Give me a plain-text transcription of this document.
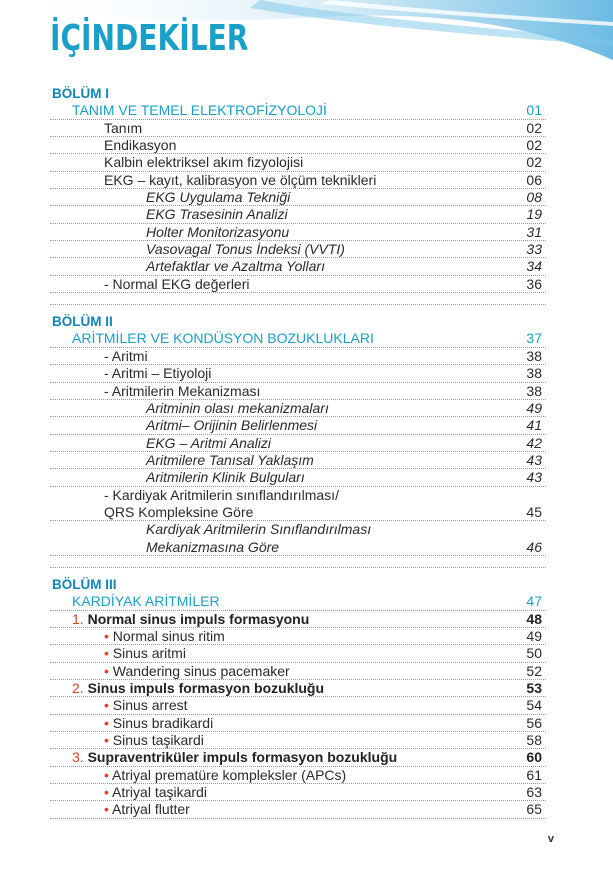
İÇİNDEKİLER
BÖLÜM I
TANIM VE TEMEL ELEKTROFİZYOLOJİ	01
Tanım	02
Endikasyon	02
Kalbin elektriksel akım fizyolojisi	02
EKG – kayıt, kalibrasyon ve ölçüm teknikleri	06
EKG Uygulama Tekniği	08
EKG Trasesinin Analizi	19
Holter Monitorizasyonu	31
Vasovagal Tonus İndeksi (VVTI)	33
Artefaktlar ve Azaltma Yolları	34
- Normal EKG değerleri	36
BÖLÜM II
ARİTMİLER VE KONDÜSYON BOZUKLUKLARI	37
- Aritmi	38
- Aritmi – Etiyoloji	38
- Aritmilerin Mekanizması	38
Aritminin olası mekanizmaları	49
Aritmi– Orijinin Belirlenmesi	41
EKG – Aritmi Analizi	42
Aritmilere Tanısal Yaklaşım	43
Aritmilerin Klinik Bulguları	43
- Kardiyak Aritmilerin sınıflandırılması/
QRS Kompleksine Göre	45
Kardiyak Aritmilerin Sınıflandırılması
Mekanizmasına Göre	46
BÖLÜM III
KARDİYAK ARİTMİLER	47
1. Normal sinus impuls formasyonu	48
• Normal sinus ritim	49
• Sinus aritmi	50
• Wandering sinus pacemaker	52
2. Sinus impuls formasyon bozukluğu	53
• Sinus arrest	54
• Sinus bradikardi	56
• Sinus taşikardi	58
3. Supraventriküler impuls formasyon bozukluğu	60
• Atriyal prematüre kompleksler (APCs)	61
• Atriyal taşikardi	63
• Atriyal flutter	65
v
